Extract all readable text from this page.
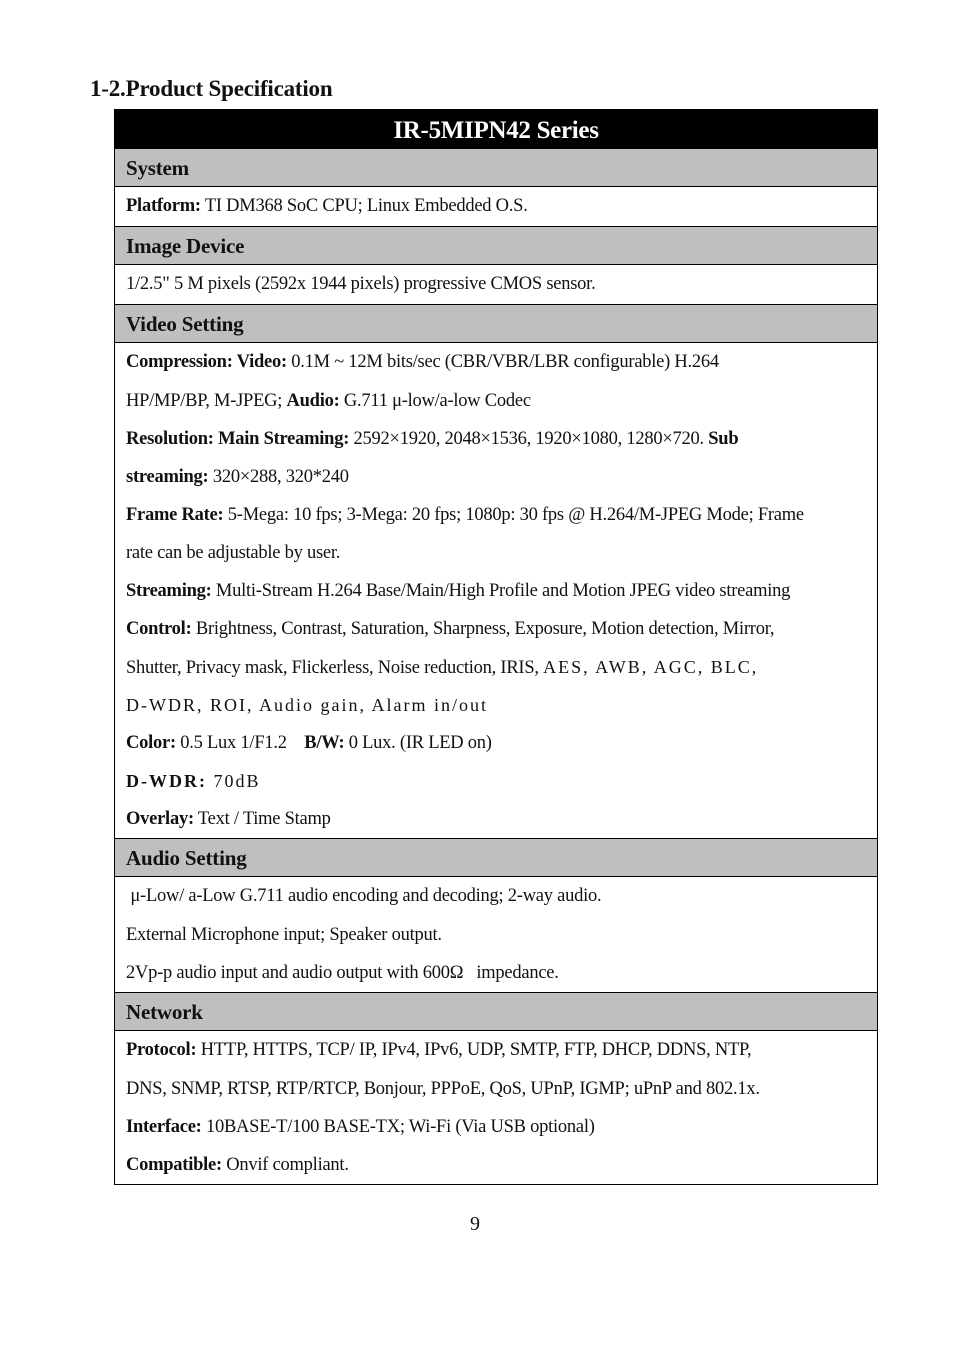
1-2.Product Specification
IR-5MIPN42 Series
System
Platform: TI DM368 SoC CPU; Linux Embedded O.S.
Image Device
1/2.5" 5 M pixels (2592x 1944 pixels) progressive CMOS sensor.
Video Setting
Compression: Video: 0.1M ~ 12M bits/sec (CBR/VBR/LBR configurable) H.264
HP/MP/BP, M-JPEG; Audio: G.711 μ-low/a-low Codec
Resolution: Main Streaming: 2592×1920, 2048×1536, 1920×1080, 1280×720. Sub
streaming: 320×288, 320*240
Frame Rate: 5-Mega: 10 fps; 3-Mega: 20 fps; 1080p: 30 fps @ H.264/M-JPEG Mode; Frame
rate can be adjustable by user.
Streaming: Multi-Stream H.264 Base/Main/High Profile and Motion JPEG video streaming
Control: Brightness, Contrast, Saturation, Sharpness, Exposure, Motion detection, Mirror,
Shutter, Privacy mask, Flickerless, Noise reduction, IRIS, AES, AWB, AGC, BLC,
D-WDR, ROI, Audio gain, Alarm in/out
Color: 0.5 Lux 1/F1.2    B/W: 0 Lux. (IR LED on)
D-WDR: 70dB
Overlay: Text / Time Stamp
Audio Setting
μ-Low/ a-Low G.711 audio encoding and decoding; 2-way audio.
External Microphone input; Speaker output.
2Vp-p audio input and audio output with 600Ω   impedance.
Network
Protocol: HTTP, HTTPS, TCP/ IP, IPv4, IPv6, UDP, SMTP, FTP, DHCP, DDNS, NTP,
DNS, SNMP, RTSP, RTP/RTCP, Bonjour, PPPoE, QoS, UPnP, IGMP; uPnP and 802.1x.
Interface: 10BASE-T/100 BASE-TX; Wi-Fi (Via USB optional)
Compatible: Onvif compliant.
9
